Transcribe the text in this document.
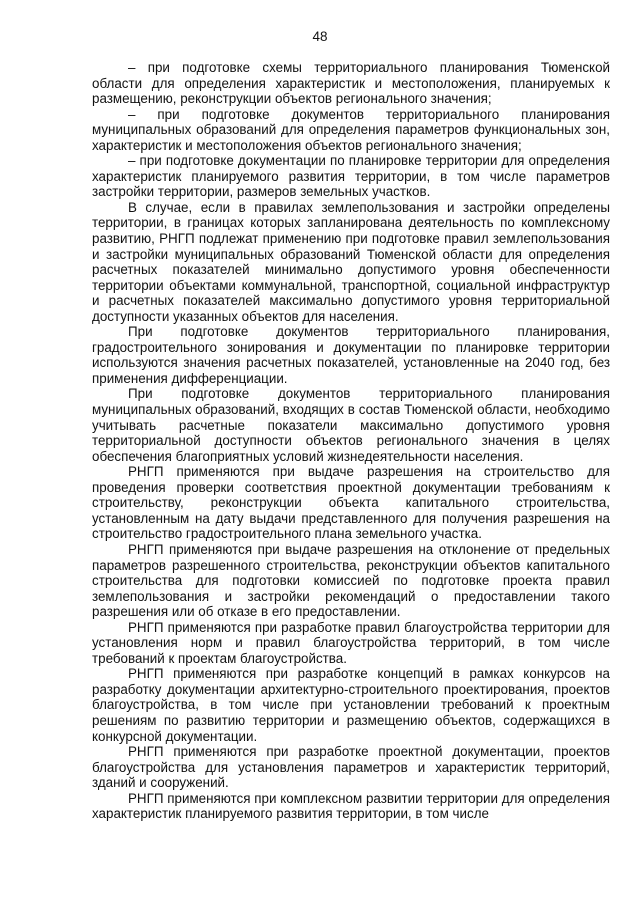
48

– при подготовке схемы территориального планирования Тюменской области для определения характеристик и местоположения, планируемых к размещению, реконструкции объектов регионального значения;

– при подготовке документов территориального планирования муниципальных образований для определения параметров функциональных зон, характеристик и местоположения объектов регионального значения;

– при подготовке документации по планировке территории для определения характеристик планируемого развития территории, в том числе параметров застройки территории, размеров земельных участков.

В случае, если в правилах землепользования и застройки определены территории, в границах которых запланирована деятельность по комплексному развитию, РНГП подлежат применению при подготовке правил землепользования и застройки муниципальных образований Тюменской области для определения расчетных показателей минимально допустимого уровня обеспеченности территории объектами коммунальной, транспортной, социальной инфраструктур и расчетных показателей максимально допустимого уровня территориальной доступности указанных объектов для населения.

При подготовке документов территориального планирования, градостроительного зонирования и документации по планировке территории используются значения расчетных показателей, установленные на 2040 год, без применения дифференциации.

При подготовке документов территориального планирования муниципальных образований, входящих в состав Тюменской области, необходимо учитывать расчетные показатели максимально допустимого уровня территориальной доступности объектов регионального значения в целях обеспечения благоприятных условий жизнедеятельности населения.

РНГП применяются при выдаче разрешения на строительство для проведения проверки соответствия проектной документации требованиям к строительству, реконструкции объекта капитального строительства, установленным на дату выдачи представленного для получения разрешения на строительство градостроительного плана земельного участка.

РНГП применяются при выдаче разрешения на отклонение от предельных параметров разрешенного строительства, реконструкции объектов капитального строительства для подготовки комиссией по подготовке проекта правил землепользования и застройки рекомендаций о предоставлении такого разрешения или об отказе в его предоставлении.

РНГП применяются при разработке правил благоустройства территории для установления норм и правил благоустройства территорий, в том числе требований к проектам благоустройства.

РНГП применяются при разработке концепций в рамках конкурсов на разработку документации архитектурно-строительного проектирования, проектов благоустройства, в том числе при установлении требований к проектным решениям по развитию территории и размещению объектов, содержащихся в конкурсной документации.

РНГП применяются при разработке проектной документации, проектов благоустройства для установления параметров и характеристик территорий, зданий и сооружений.

РНГП применяются при комплексном развитии территории для определения характеристик планируемого развития территории, в том числе
